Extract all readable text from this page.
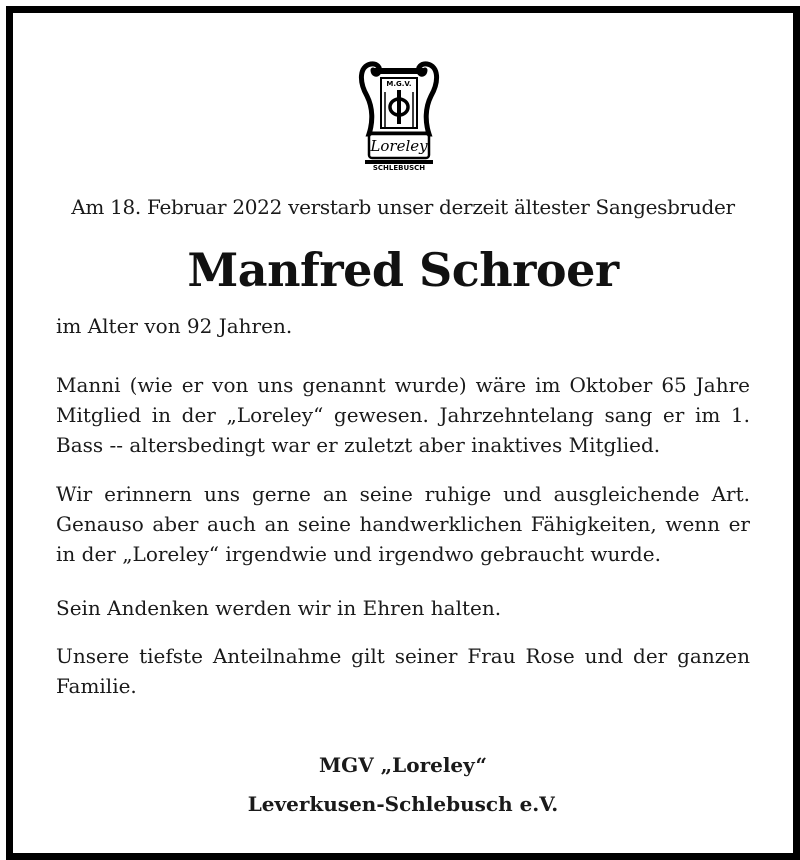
M.G.V.
Loreley
SCHLEBUSCH
Am 18. Februar 2022 verstarb unser derzeit ältester Sangesbruder
Manfred Schroer

im Alter von 92 Jahren.

Manni (wie er von uns genannt wurde) wäre im Oktober 65 Jahre Mitglied in der „Loreley“ gewesen. Jahrzehntelang sang er im 1. Bass -- altersbedingt war er zuletzt aber inaktives Mitglied.

Wir erinnern uns gerne an seine ruhige und ausgleichende Art. Genauso aber auch an seine handwerklichen Fähigkeiten, wenn er in der „Loreley“ irgendwie und irgendwo gebraucht wurde.

Sein Andenken werden wir in Ehren halten.

Unsere tiefste Anteilnahme gilt seiner Frau Rose und der ganzen Familie.

MGV „Loreley“
Leverkusen-Schlebusch e.V.
